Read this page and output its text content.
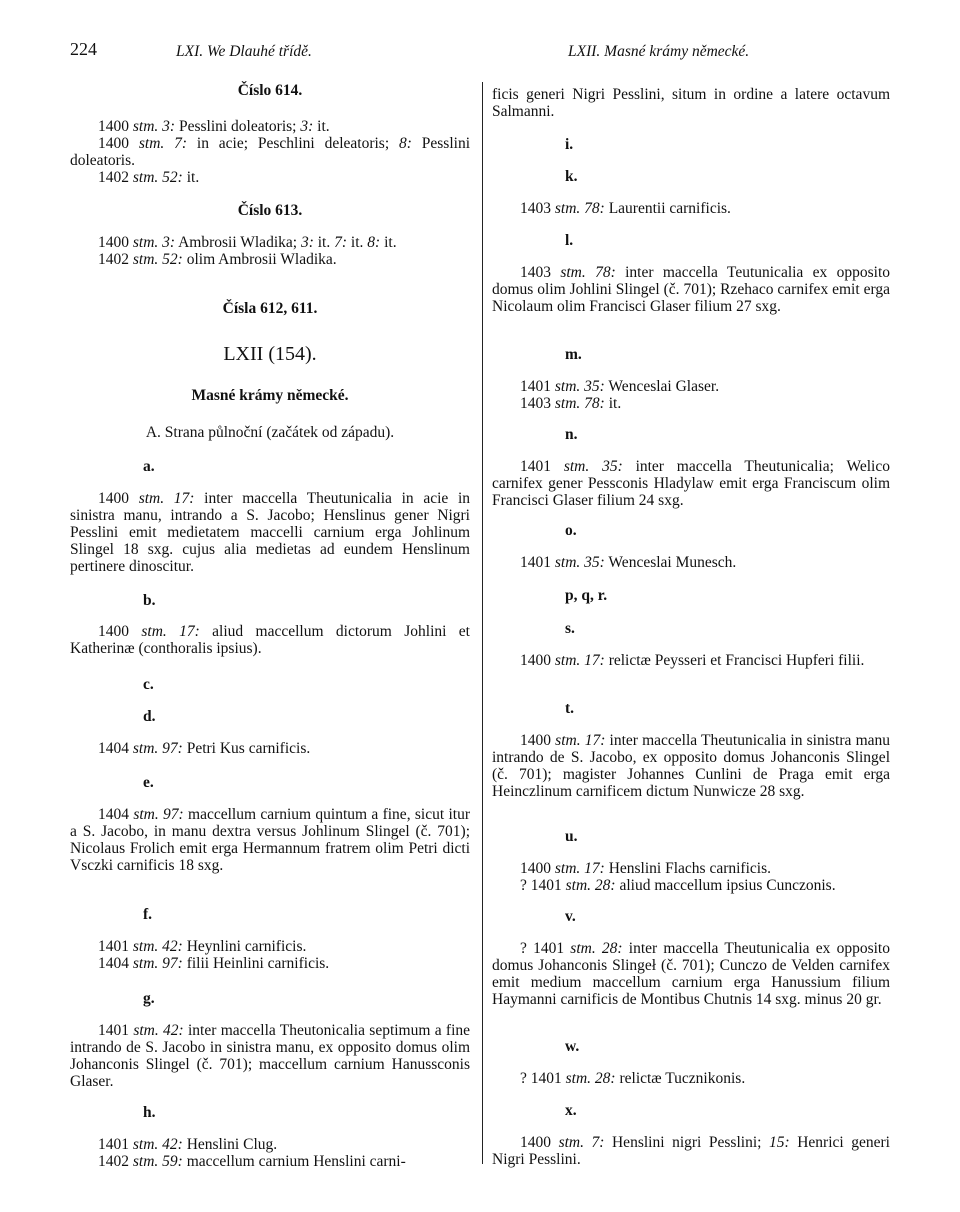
224	LXI. We Dlauhé třídě.	LXII. Masné krámy německé.
Číslo 614.

1400 stm. 3: Pesslini doleatoris; 3: it.

1400 stm. 7: in acie; Peschlini deleatoris; 8: Pesslini doleatoris.

1402 stm. 52: it.

Číslo 613.

1400 stm. 3: Ambrosii Wladika; 3: it. 7: it. 8: it.

1402 stm. 52: olim Ambrosii Wladika.

Čísla 612, 611.
LXII (154).
Masné krámy německé.
A. Strana půlnoční (začátek od západu).
a.

1400 stm. 17: inter maccella Theutunicalia in acie in sinistra manu, intrando a S. Jacobo; Henslinus gener Nigri Pesslini emit medietatem maccelli carnium erga Johlinum Slingel 18 sxg. cujus alia medietas ad eundem Henslinum pertinere dinoscitur.

b.

1400 stm. 17: aliud maccellum dictorum Johlini et Katherinæ (conthoralis ipsius).

c.
d.

1404 stm. 97: Petri Kus carnificis.

e.

1404 stm. 97: maccellum carnium quintum a fine, sicut itur a S. Jacobo, in manu dextra versus Johlinum Slingel (č. 701); Nicolaus Frolich emit erga Hermannum fratrem olim Petri dicti Vsczki carnificis 18 sxg.

f.

1401 stm. 42: Heynlini carnificis.

1404 stm. 97: filii Heinlini carnificis.

g.

1401 stm. 42: inter maccella Theutonicalia septimum a fine intrando de S. Jacobo in sinistra manu, ex opposito domus olim Johanconis Slingel (č. 701); maccellum carnium Hanussconis Glaser.

h.

1401 stm. 42: Henslini Clug.

1402 stm. 59: maccellum carnium Henslini carni-

ficis generi Nigri Pesslini, situm in ordine a latere octavum Salmanni.

i.
k.

1403 stm. 78: Laurentii carnificis.

l.

1403 stm. 78: inter maccella Teutunicalia ex opposito domus olim Johlini Slingel (č. 701); Rzehaco carnifex emit erga Nicolaum olim Francisci Glaser filium 27 sxg.

m.

1401 stm. 35: Wenceslai Glaser.

1403 stm. 78: it.

n.

1401 stm. 35: inter maccella Theutunicalia; Welico carnifex gener Pessconis Hladylaw emit erga Franciscum olim Francisci Glaser filium 24 sxg.

o.

1401 stm. 35: Wenceslai Munesch.

p, q, r.
s.

1400 stm. 17: relictæ Peysseri et Francisci Hupferi filii.

t.

1400 stm. 17: inter maccella Theutunicalia in sinistra manu intrando de S. Jacobo, ex opposito domus Johanconis Slingel (č. 701); magister Johannes Cunlini de Praga emit erga Heinczlinum carnificem dictum Nunwicze 28 sxg.

u.

1400 stm. 17: Henslini Flachs carnificis.

? 1401 stm. 28: aliud maccellum ipsius Cunczonis.

v.

? 1401 stm. 28: inter maccella Theutunicalia ex opposito domus Johanconis Slingeł (č. 701); Cunczo de Velden carnifex emit medium maccellum carnium erga Hanussium filium Haymanni carnificis de Montibus Chutnis 14 sxg. minus 20 gr.

w.

? 1401 stm. 28: relictæ Tucznikonis.

x.

1400 stm. 7: Henslini nigri Pesslini; 15: Henrici generi Nigri Pesslini.
